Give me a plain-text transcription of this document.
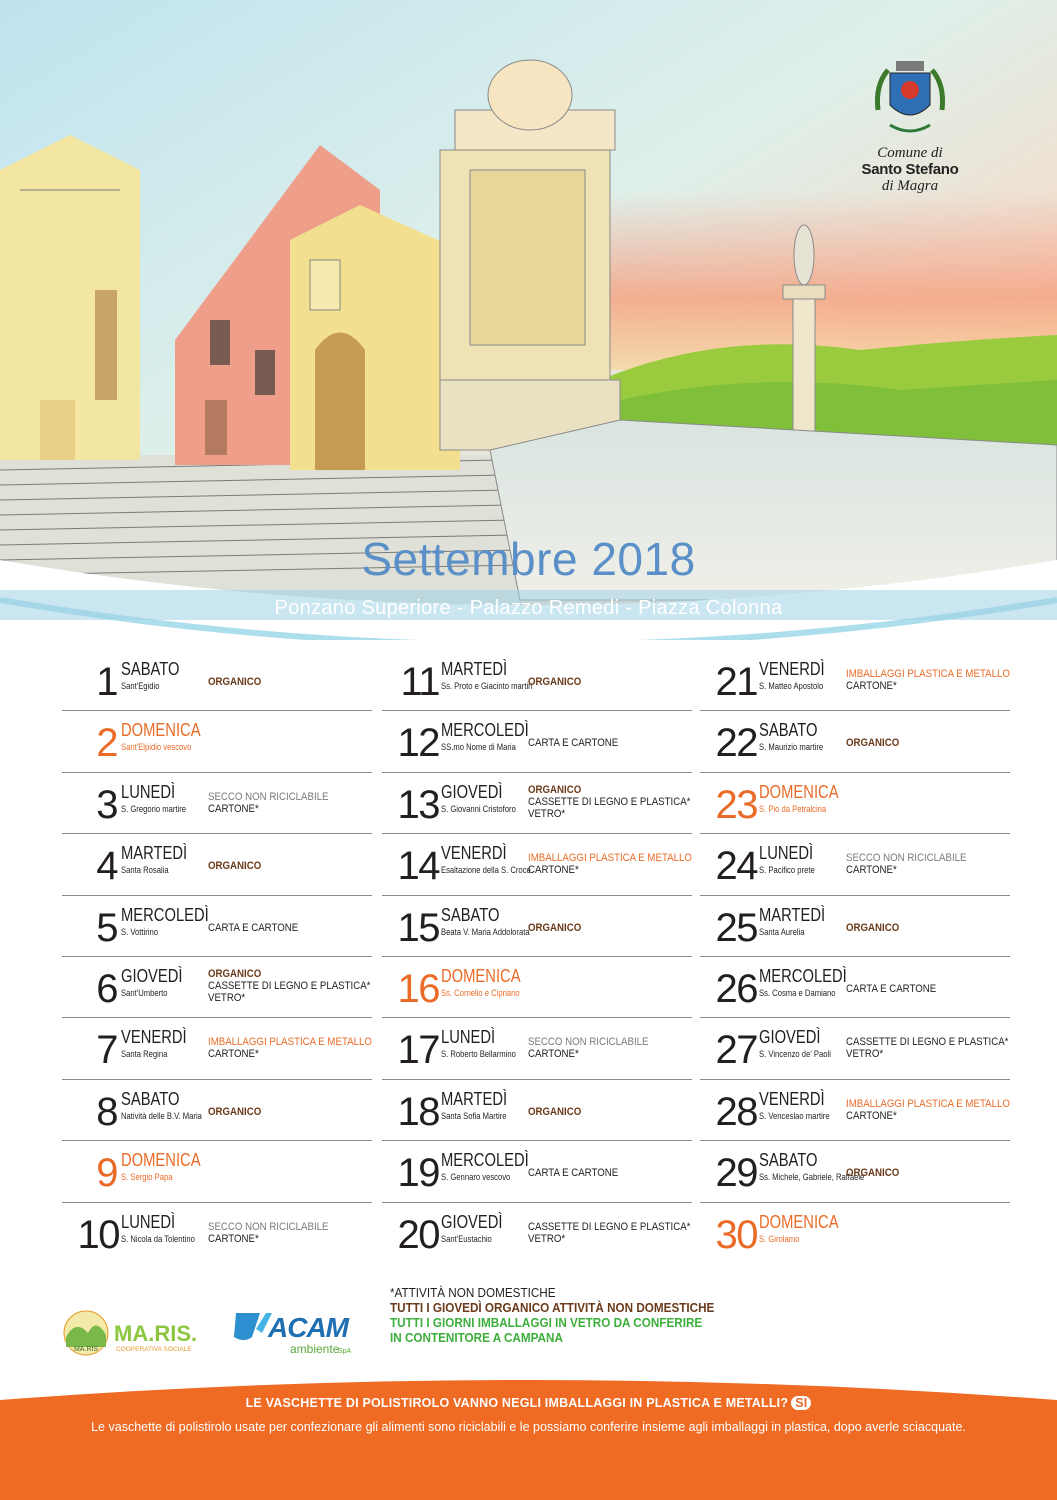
Comune di
Santo Stefano
di Magra
Settembre 2018
Ponzano Superiore - Palazzo Remedi - Piazza Colonna
1 SABATO
Sant'Egidio	ORGANICO
2 DOMENICA
Sant'Elpidio vescovo
3 LUNEDÌ
S. Gregorio martire
SECCO NON RICICLABILE
CARTONE*
4 MARTEDÌ
Santa Rosalia	ORGANICO
5 MERCOLEDÌ
S. Vottirino	CARTA E CARTONE
6 GIOVEDÌ
Sant'Umberto
ORGANICO
CASSETTE DI LEGNO E PLASTICA*
VETRO*
7 VENERDÌ
Santa Regina
IMBALLAGGI PLASTICA E METALLO
CARTONE*
8 SABATO
Natività delle B.V. Maria ORGANICO
9 DOMENICA
S. Sergio Papa
10 LUNEDÌ
S. Nicola da Tolentino
SECCO NON RICICLABILE
CARTONE*
11 MARTEDÌ
Ss. Proto e Giacinto martiri
ORGANICO
12 MERCOLEDÌ
SS.mo Nome di Maria CARTA E CARTONE
13 GIOVEDÌ
S. Giovanni Cristoforo
ORGANICO
CASSETTE DI LEGNO E PLASTICA*
VETRO*
14 VENERDÌ
Esaltazione della S. Croce
IMBALLAGGI PLASTICA E METALLO
CARTONE*
15 SABATO
Beata V. Maria Addolorata
ORGANICO
16 DOMENICA
Ss. Cornelio e Cipriano
17 LUNEDÌ
S. Roberto Bellarmino
SECCO NON RICICLABILE
CARTONE*
18 MARTEDÌ
Santa Sofia Martire ORGANICO
19 MERCOLEDÌ
S. Gennaro vescovo CARTA E CARTONE
20 GIOVEDÌ
Sant'Eustachio
CASSETTE DI LEGNO E PLASTICA*
VETRO*
21 VENERDÌ
S. Matteo Apostolo
IMBALLAGGI PLASTICA E METALLO
CARTONE*
22 SABATO
S. Maurizio martire ORGANICO
23 DOMENICA
S. Pio da Petralcina
24 LUNEDÌ
S. Pacifico prete
SECCO NON RICICLABILE
CARTONE*
25 MARTEDÌ
Santa Aurelia	ORGANICO
26 MERCOLEDÌ
Ss. Cosma e Damiano CARTA E CARTONE
27 GIOVEDÌ
S. Vincenzo de' Paoli
CASSETTE DI LEGNO E PLASTICA*
VETRO*
28 VENERDÌ
S. Venceslao martire
IMBALLAGGI PLASTICA E METALLO
CARTONE*
29 SABATO
Ss. Michele, Gabriele, Raffaele
ORGANICO
30 DOMENICA
S. Girolamo
MA.RIS
MA.RIS.
COOPERATIVA SOCIALE
ACAM
ambiente
SpA
*ATTIVITÀ NON DOMESTICHE
TUTTI I GIOVEDÌ ORGANICO ATTIVITÀ NON DOMESTICHE
TUTTI I GIORNI IMBALLAGGI IN VETRO DA CONFERIRE
IN CONTENITORE A CAMPANA
LE VASCHETTE DI POLISTIROLO VANNO NEGLI IMBALLAGGI IN PLASTICA E METALLI? SI
Le vaschette di polistirolo usate per confezionare gli alimenti sono riciclabili e le possiamo conferire insieme agli imballaggi in plastica, dopo averle sciacquate.
